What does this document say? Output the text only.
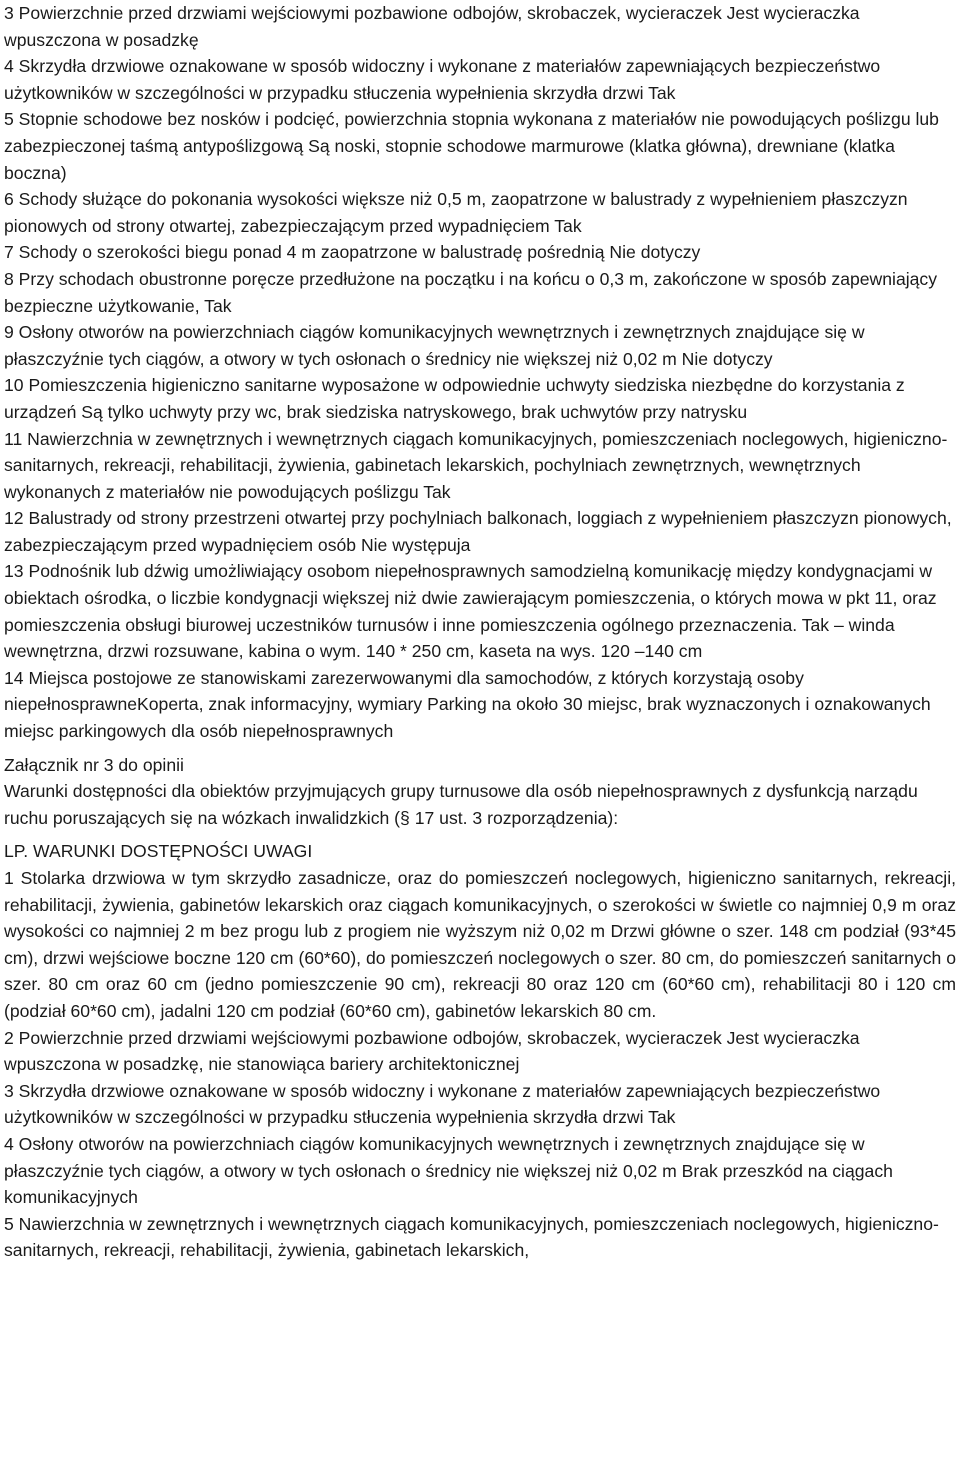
3 Powierzchnie przed drzwiami wejściowymi pozbawione odbojów, skrobaczek, wycieraczek Jest wycieraczka wpuszczona w posadzkę

4 Skrzydła drzwiowe oznakowane w sposób widoczny i wykonane z materiałów zapewniających bezpieczeństwo użytkowników w szczególności w przypadku stłuczenia wypełnienia skrzydła drzwi Tak

5 Stopnie schodowe bez nosków i podcięć, powierzchnia stopnia wykonana z materiałów nie powodujących poślizgu lub zabezpieczonej taśmą antypoślizgową Są noski, stopnie schodowe marmurowe (klatka główna), drewniane (klatka boczna)

6 Schody służące do pokonania wysokości większe niż 0,5 m, zaopatrzone w balustrady z wypełnieniem płaszczyzn pionowych od strony otwartej, zabezpieczającym przed wypadnięciem Tak

7 Schody o szerokości biegu ponad 4 m zaopatrzone w balustradę pośrednią Nie dotyczy

8 Przy schodach obustronne poręcze przedłużone na początku i na końcu o 0,3 m, zakończone w sposób zapewniający bezpieczne użytkowanie, Tak

9 Osłony otworów na powierzchniach ciągów komunikacyjnych wewnętrznych i zewnętrznych znajdujące się w płaszczyźnie tych ciągów, a otwory w tych osłonach o średnicy nie większej niż 0,02 m Nie dotyczy

10 Pomieszczenia higieniczno sanitarne wyposażone w odpowiednie uchwyty siedziska niezbędne do korzystania z urządzeń Są tylko uchwyty przy wc, brak siedziska natryskowego, brak uchwytów przy natrysku

11 Nawierzchnia w zewnętrznych i wewnętrznych ciągach komunikacyjnych, pomieszczeniach noclegowych, higieniczno-sanitarnych, rekreacji, rehabilitacji, żywienia, gabinetach lekarskich, pochylniach zewnętrznych, wewnętrznych wykonanych z materiałów nie powodujących poślizgu Tak

12 Balustrady od strony przestrzeni otwartej przy pochylniach balkonach, loggiach z wypełnieniem płaszczyzn pionowych, zabezpieczającym przed wypadnięciem osób Nie występuja

13 Podnośnik lub dźwig umożliwiający osobom niepełnosprawnych samodzielną komunikację między kondygnacjami w obiektach ośrodka, o liczbie kondygnacji większej niż dwie zawierającym pomieszczenia, o których mowa w pkt 11, oraz pomieszczenia obsługi biurowej uczestników turnusów i inne pomieszczenia ogólnego przeznaczenia. Tak – winda wewnętrzna, drzwi rozsuwane, kabina o wym. 140 * 250 cm, kaseta na wys. 120 –140 cm

14 Miejsca postojowe ze stanowiskami zarezerwowanymi dla samochodów, z których korzystają osoby niepełnosprawneKoperta, znak informacyjny, wymiary Parking na około 30 miejsc, brak wyznaczonych i oznakowanych miejsc parkingowych dla osób niepełnosprawnych

Załącznik nr 3 do opinii

Warunki dostępności dla obiektów przyjmujących grupy turnusowe dla osób niepełnosprawnych z dysfunkcją narządu ruchu poruszających się na wózkach inwalidzkich (§ 17 ust. 3 rozporządzenia):

LP. WARUNKI DOSTĘPNOŚCI UWAGI

1 Stolarka drzwiowa w tym skrzydło zasadnicze, oraz do pomieszczeń noclegowych, higieniczno sanitarnych, rekreacji, rehabilitacji, żywienia, gabinetów lekarskich oraz ciągach komunikacyjnych, o szerokości w świetle co najmniej 0,9 m oraz wysokości co najmniej 2 m bez progu lub z progiem nie wyższym niż 0,02 m Drzwi główne o szer. 148 cm podział (93*45 cm), drzwi wejściowe boczne 120 cm (60*60), do pomieszczeń noclegowych o szer. 80 cm, do pomieszczeń sanitarnych o szer. 80 cm oraz 60 cm (jedno pomieszczenie 90 cm), rekreacji 80 oraz 120 cm (60*60 cm), rehabilitacji 80 i 120 cm (podział 60*60 cm), jadalni 120 cm podział (60*60 cm), gabinetów lekarskich 80 cm.

2 Powierzchnie przed drzwiami wejściowymi pozbawione odbojów, skrobaczek, wycieraczek Jest wycieraczka wpuszczona w posadzkę, nie stanowiąca bariery architektonicznej

3 Skrzydła drzwiowe oznakowane w sposób widoczny i wykonane z materiałów zapewniających bezpieczeństwo użytkowników w szczególności w przypadku stłuczenia wypełnienia skrzydła drzwi Tak

4 Osłony otworów na powierzchniach ciągów komunikacyjnych wewnętrznych i zewnętrznych znajdujące się w płaszczyźnie tych ciągów, a otwory w tych osłonach o średnicy nie większej niż 0,02 m Brak przeszkód na ciągach komunikacyjnych

5 Nawierzchnia w zewnętrznych i wewnętrznych ciągach komunikacyjnych, pomieszczeniach noclegowych, higieniczno-sanitarnych, rekreacji, rehabilitacji, żywienia, gabinetach lekarskich,
